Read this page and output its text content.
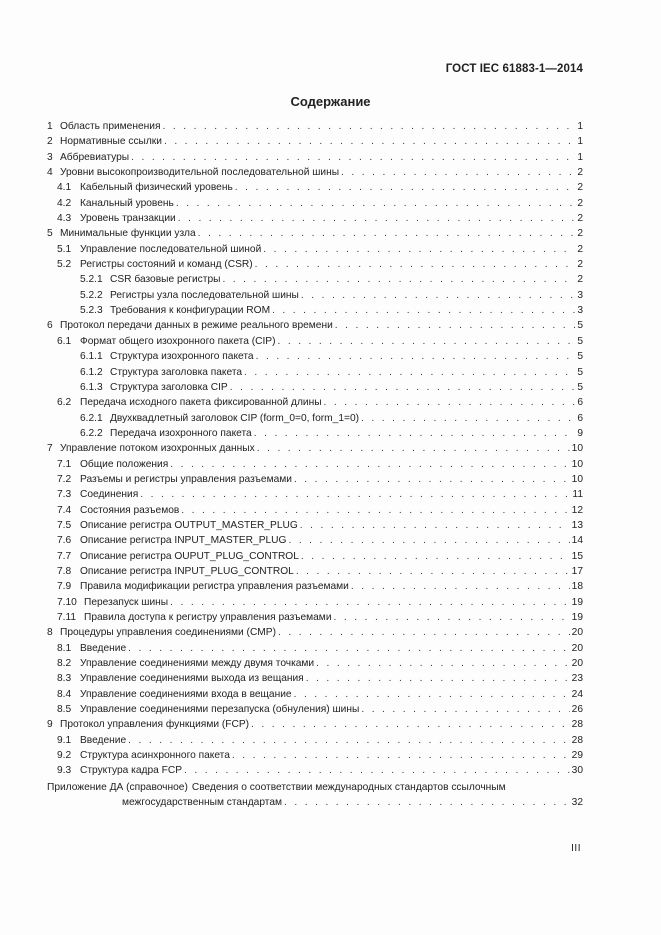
ГОСТ IEC 61883-1—2014
Содержание
1 Область применения . . .	1
2 Нормативные ссылки . . .	1
3 Аббревиатуры . . .	1
4 Уровни высокопроизводительной последовательной шины . . .	2
4.1 Кабельный физический уровень . . .	2
4.2 Канальный уровень . . .	2
4.3 Уровень транзакции . . .	2
5 Минимальные функции узла . . .	2
5.1 Управление последовательной шиной . . .	2
5.2 Регистры состояний и команд (CSR) . . .	2
5.2.1 CSR базовые регистры . . .	2
5.2.2 Регистры узла последовательной шины . . .	3
5.2.3 Требования к конфигурации ROM . . .	3
6 Протокол передачи данных в режиме реального времени . . .	5
6.1 Формат общего изохронного пакета (CIP) . . .	5
6.1.1 Структура изохронного пакета . . .	5
6.1.2 Структура заголовка пакета . . .	5
6.1.3 Структура заголовка CIP . . .	5
6.2 Передача исходного пакета фиксированной длины . . .	6
6.2.1 Двухквадлетный заголовок CIP (form_0=0, form_1=0) . . .	6
6.2.2 Передача изохронного пакета . . .	9
7 Управление потоком изохронных данных . . .	10
7.1 Общие положения . . .	10
7.2 Разъемы и регистры управления разъемами . . .	10
7.3 Соединения . . .	11
7.4 Состояния разъемов . . .	12
7.5 Описание регистра OUTPUT_MASTER_PLUG . . .	13
7.6 Описание регистра INPUT_MASTER_PLUG . . .	14
7.7 Описание регистра OUPUT_PLUG_CONTROL . . .	15
7.8 Описание регистра INPUT_PLUG_CONTROL . . .	17
7.9 Правила модификации регистра управления разъемами . . .	18
7.10 Перезапуск шины . . .	19
7.11 Правила доступа к регистру управления разъемами . . .	19
8 Процедуры управления соединениями (CMP) . . .	20
8.1 Введение . . .	20
8.2 Управление соединениями между двумя точками . . .	20
8.3 Управление соединениями выхода из вещания . . .	23
8.4 Управление соединениями входа в вещание . . .	24
8.5 Управление соединениями перезапуска (обнуления) шины . . .	26
9 Протокол управления функциями (FCP) . . .	28
9.1 Введение . . .	28
9.2 Структура асинхронного пакета . . .	29
9.3 Структура кадра FCP . . .	30
Приложение ДА (справочное) Сведения о соответствии международных стандартов ссылочным
межгосударственным стандартам . . .	32
III
